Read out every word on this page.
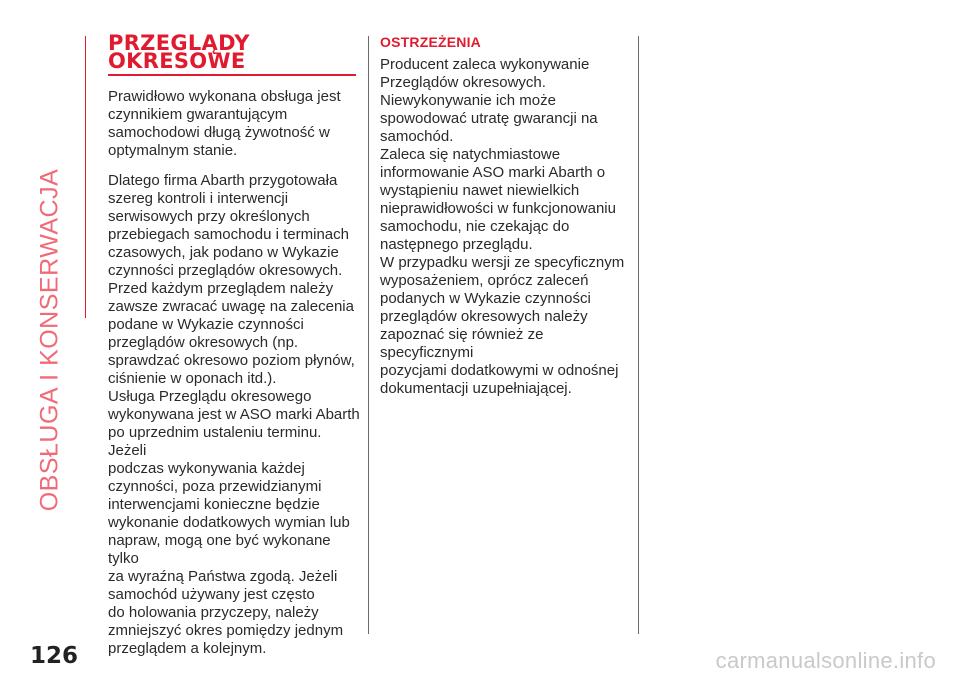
OBSŁUGA I KONSERWACJA
PRZEGLĄDY
OKRESOWE

Prawidłowo wykonana obsługa jest
czynnikiem gwarantującym
samochodowi długą żywotność w
optymalnym stanie.

Dlatego firma Abarth przygotowała
szereg kontroli i interwencji
serwisowych przy określonych
przebiegach samochodu i terminach
czasowych, jak podano w Wykazie
czynności przeglądów okresowych.
Przed każdym przeglądem należy
zawsze zwracać uwagę na zalecenia
podane w Wykazie czynności
przeglądów okresowych (np.
sprawdzać okresowo poziom płynów,
ciśnienie w oponach itd.).

Usługa Przeglądu okresowego
wykonywana jest w ASO marki Abarth
po uprzednim ustaleniu terminu. Jeżeli
podczas wykonywania każdej
czynności, poza przewidzianymi
interwencjami konieczne będzie
wykonanie dodatkowych wymian lub
napraw, mogą one być wykonane tylko
za wyraźną Państwa zgodą. Jeżeli
samochód używany jest często
do holowania przyczepy, należy
zmniejszyć okres pomiędzy jednym
przeglądem a kolejnym.

OSTRZEŻENIA

Producent zaleca wykonywanie
Przeglądów okresowych.
Niewykonywanie ich może
spowodować utratę gwarancji na
samochód.
Zaleca się natychmiastowe
informowanie ASO marki Abarth o
wystąpieniu nawet niewielkich
nieprawidłowości w funkcjonowaniu
samochodu, nie czekając do
następnego przeglądu.
W przypadku wersji ze specyficznym
wyposażeniem, oprócz zaleceń
podanych w Wykazie czynności
przeglądów okresowych należy
zapoznać się również ze specyficznymi
pozycjami dodatkowymi w odnośnej
dokumentacji uzupełniającej.

126	carmanualsonline.info
